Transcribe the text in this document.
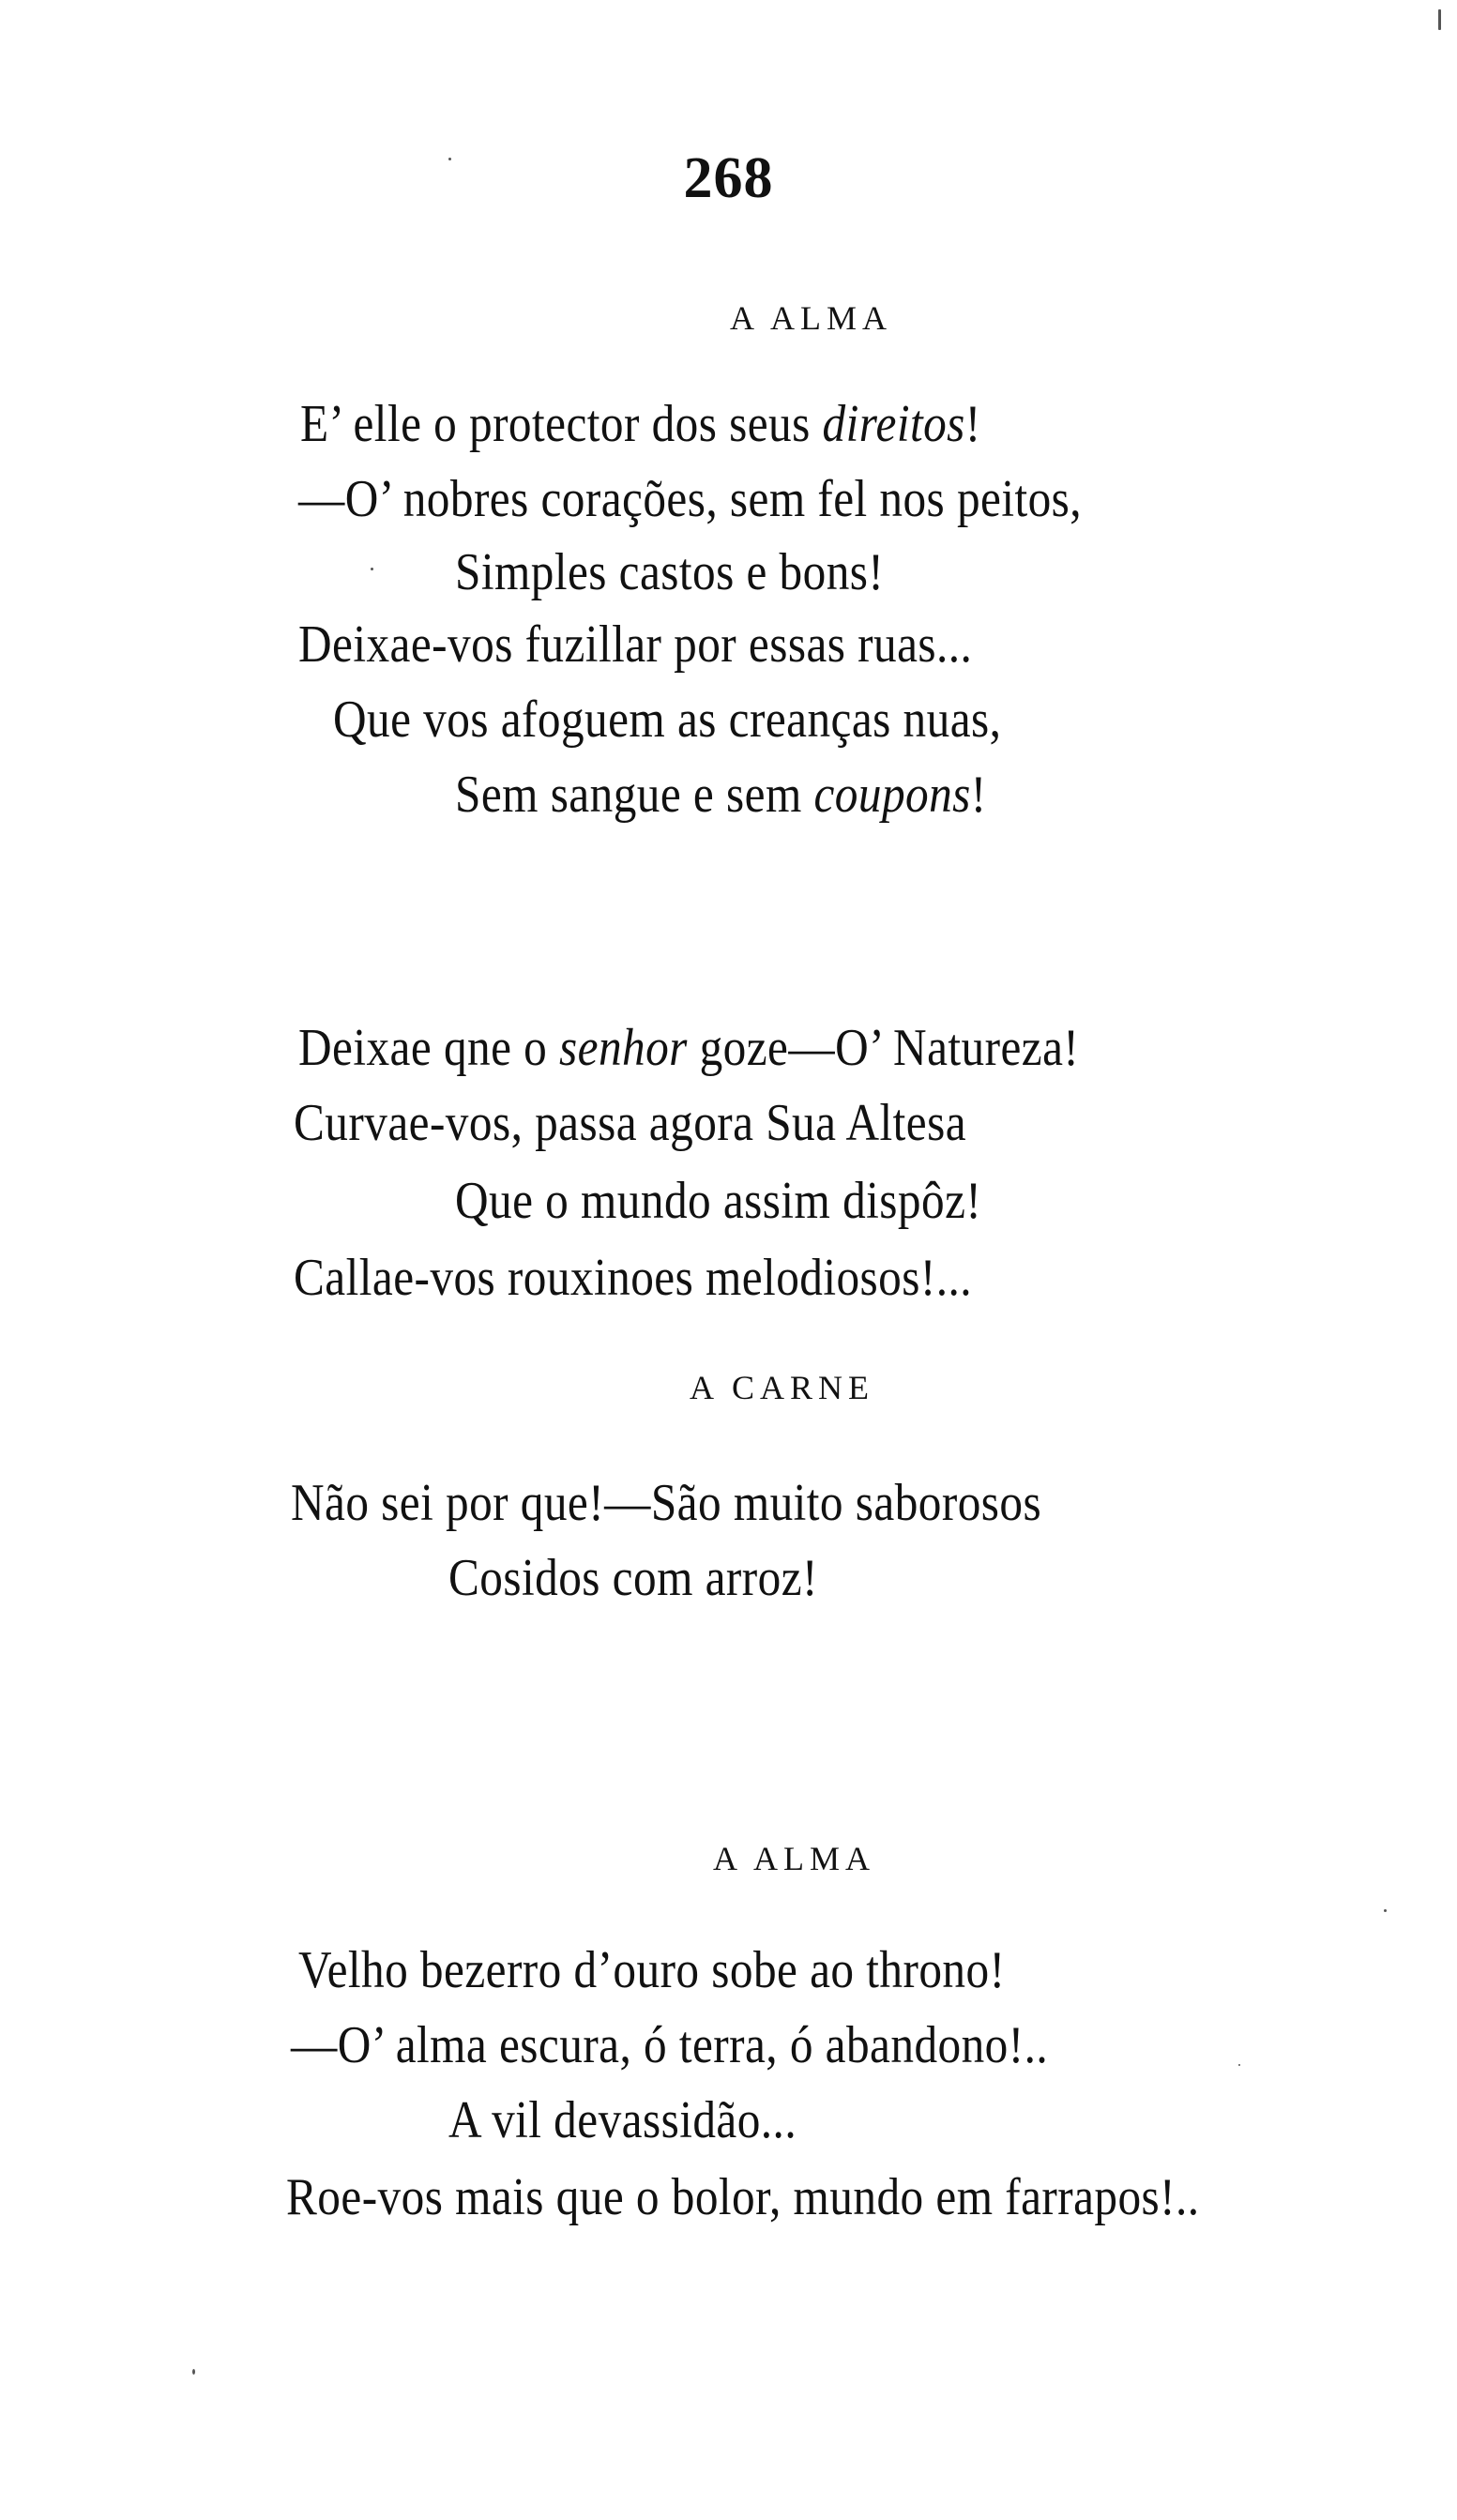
268
A ALMA
E’ elle o protector dos seus direitos!
—O’ nobres corações, sem fel nos peitos,
Simples castos e bons!
Deixae-vos fuzillar por essas ruas...
Que vos afoguem as creanças nuas,
Sem sangue e sem coupons!
Deixae qne o senhor goze—O’ Natureza!
Curvae-vos, passa agora Sua Altesa
Que o mundo assim dispôz!
Callae-vos rouxinoes melodiosos!...
A CARNE
Não sei por que!—São muito saborosos
Cosidos com arroz!
A ALMA
Velho bezerro d’ouro sobe ao throno!
—O’ alma escura, ó terra, ó abandono!..
A vil devassidão...
Roe-vos mais que o bolor, mundo em farrapos!..
